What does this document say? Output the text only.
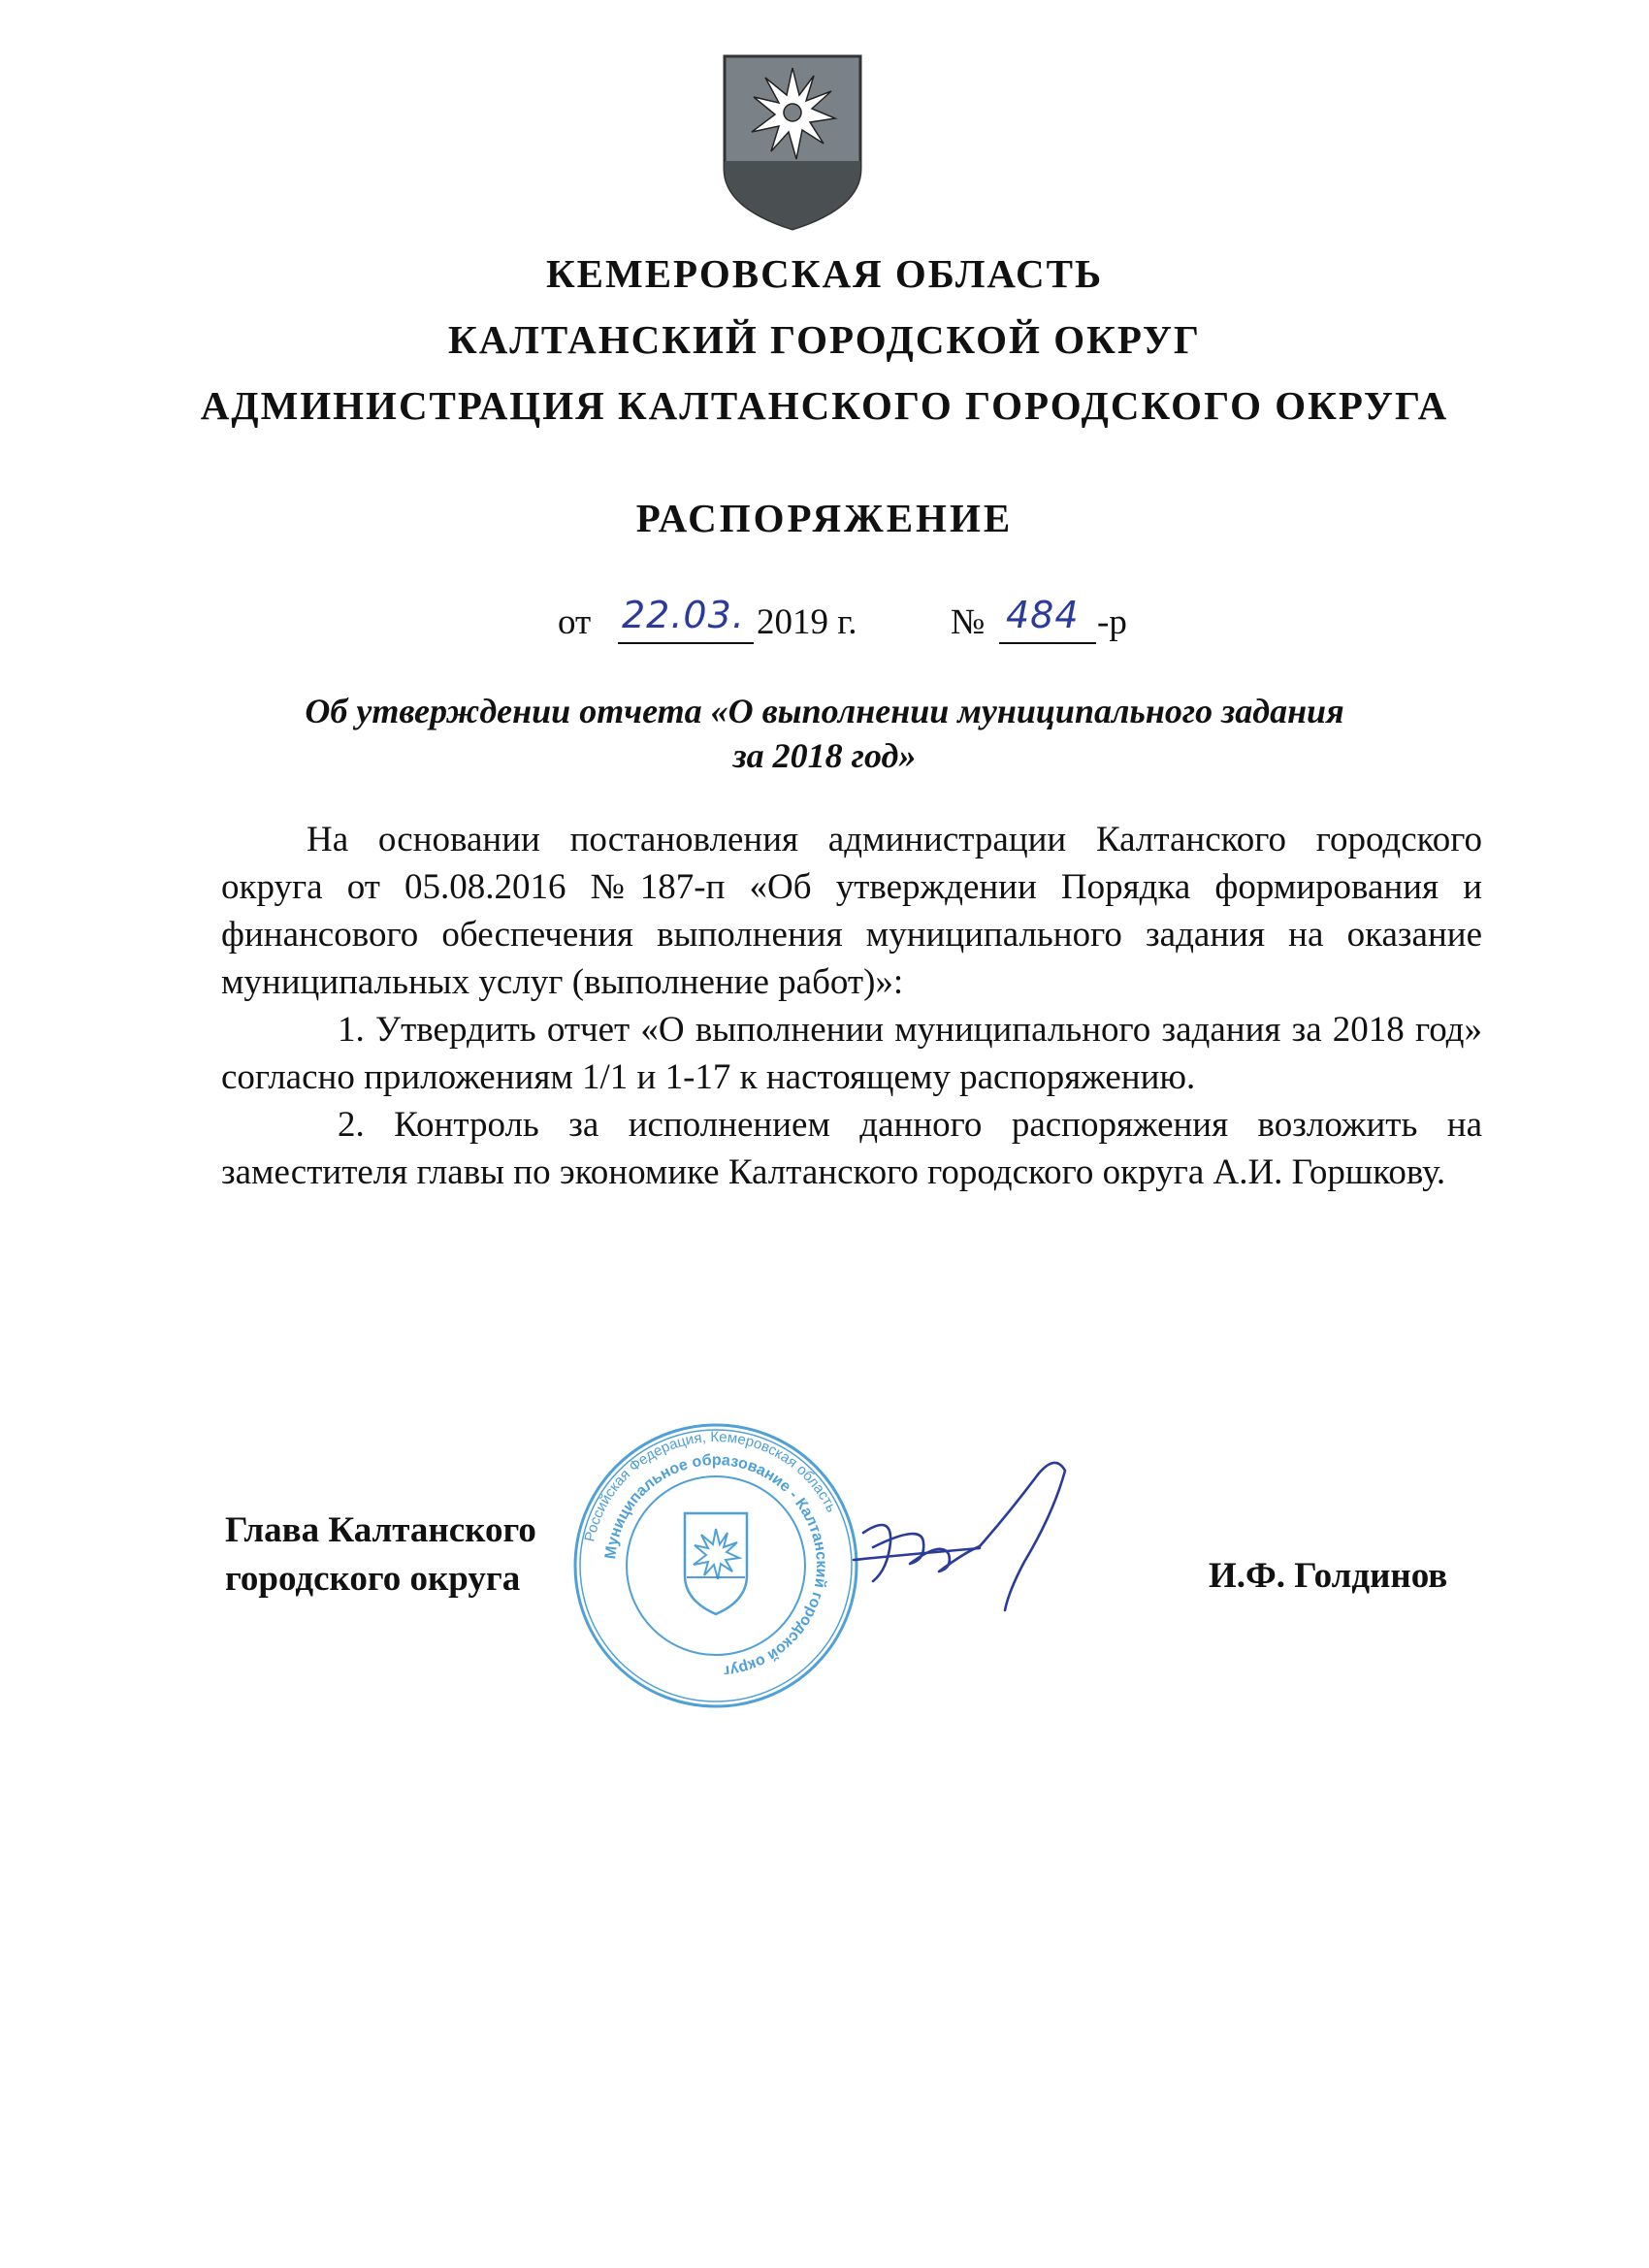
КЕМЕРОВСКАЯ ОБЛАСТЬ
КАЛТАНСКИЙ ГОРОДСКОЙ ОКРУГ
АДМИНИСТРАЦИЯ КАЛТАНСКОГО ГОРОДСКОГО ОКРУГА
РАСПОРЯЖЕНИЕ
от 22.03. 2019 г.	№ 484 -р
Об утверждении отчета «О выполнении муниципального задания
за 2018 год»

На основании постановления администрации Калтанского городского округа от 05.08.2016 №187-п «Об утверждении Порядка формирования и финансового обеспечения выполнения муниципального задания на оказание муниципальных услуг (выполнение работ)»:

1. Утвердить отчет «О выполнении муниципального задания за 2018 год» согласно приложениям 1/1 и 1-17 к настоящему распоряжению.

2. Контроль за исполнением данного распоряжения возложить на заместителя главы по экономике Калтанского городского округа А.И. Горшкову.

Глава Калтанского
городского округа	И.Ф. Голдинов
Российская Федерация, Кемеровская область
Муниципальное образование - Калтанский городской округ
